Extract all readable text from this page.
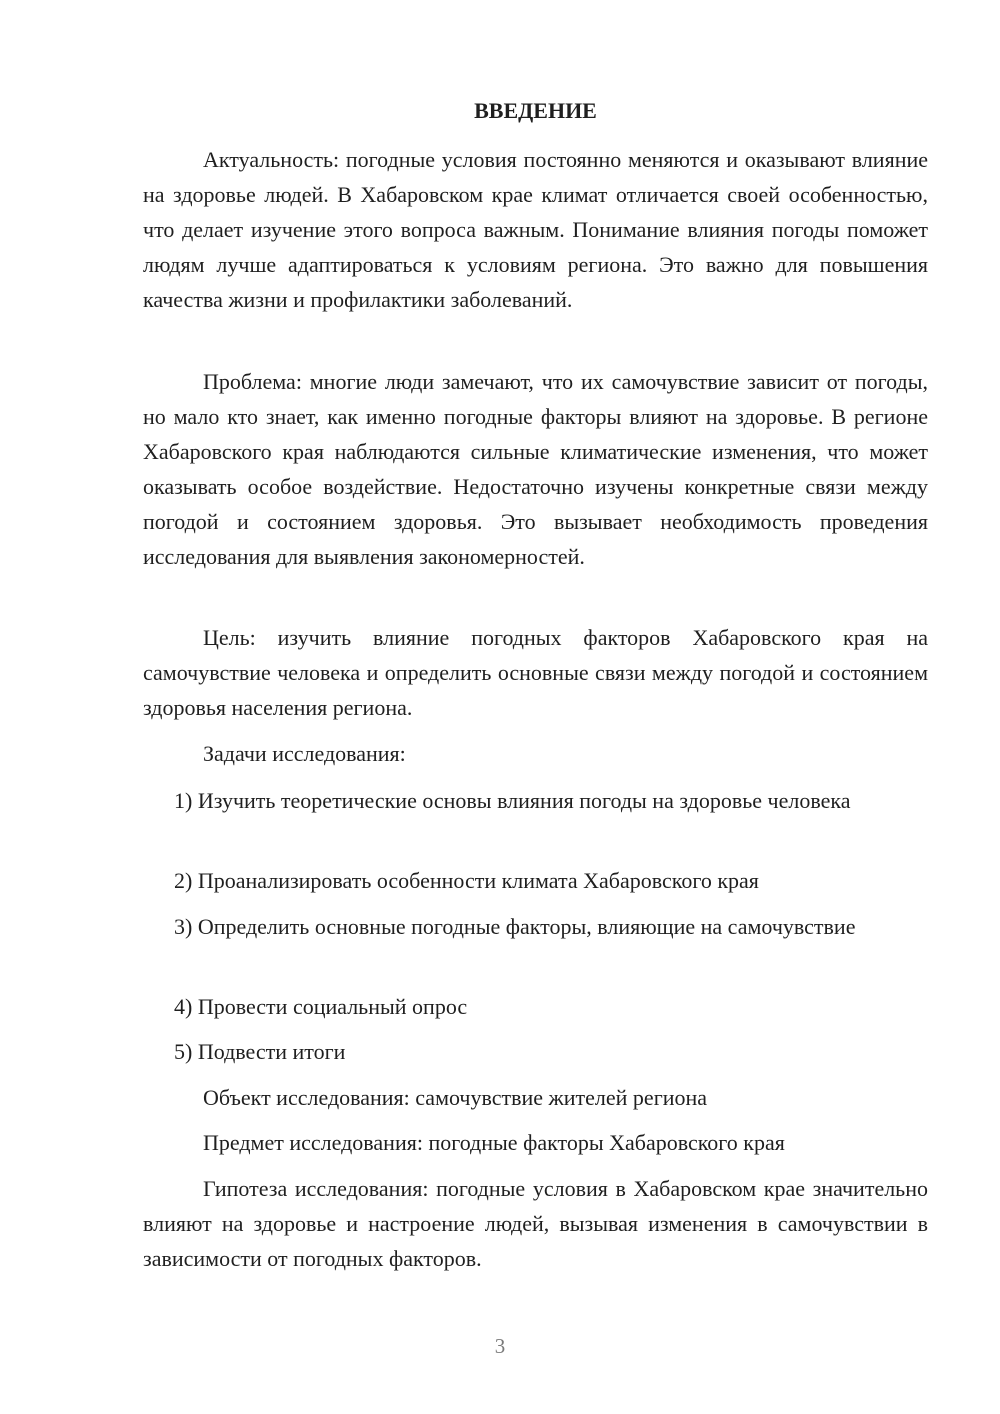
ВВЕДЕНИЕ

Актуальность: погодные условия постоянно меняются и оказывают влияние на здоровье людей. В Хабаровском крае климат отличается своей особенностью, что делает изучение этого вопроса важным. Понимание влияния погоды поможет людям лучше адаптироваться к условиям региона. Это важно для повышения качества жизни и профилактики заболеваний.

Проблема: многие люди замечают, что их самочувствие зависит от погоды, но мало кто знает, как именно погодные факторы влияют на здоровье. В регионе Хабаровского края наблюдаются сильные климатические изменения, что может оказывать особое воздействие. Недостаточно изучены конкретные связи между погодой и состоянием здоровья. Это вызывает необходимость проведения исследования для выявления закономерностей.

Цель: изучить влияние погодных факторов Хабаровского края на самочувствие человека и определить основные связи между погодой и состоянием здоровья населения региона.

Задачи исследования:

1) Изучить теоретические основы влияния погоды на здоровье человека

2) Проанализировать особенности климата Хабаровского края

3) Определить основные погодные факторы, влияющие на самочувствие

4) Провести социальный опрос

5) Подвести итоги

Объект исследования: самочувствие жителей региона

Предмет исследования: погодные факторы Хабаровского края

Гипотеза исследования: погодные условия в Хабаровском крае значительно влияют на здоровье и настроение людей, вызывая изменения в самочувствии в зависимости от погодных факторов.

3
